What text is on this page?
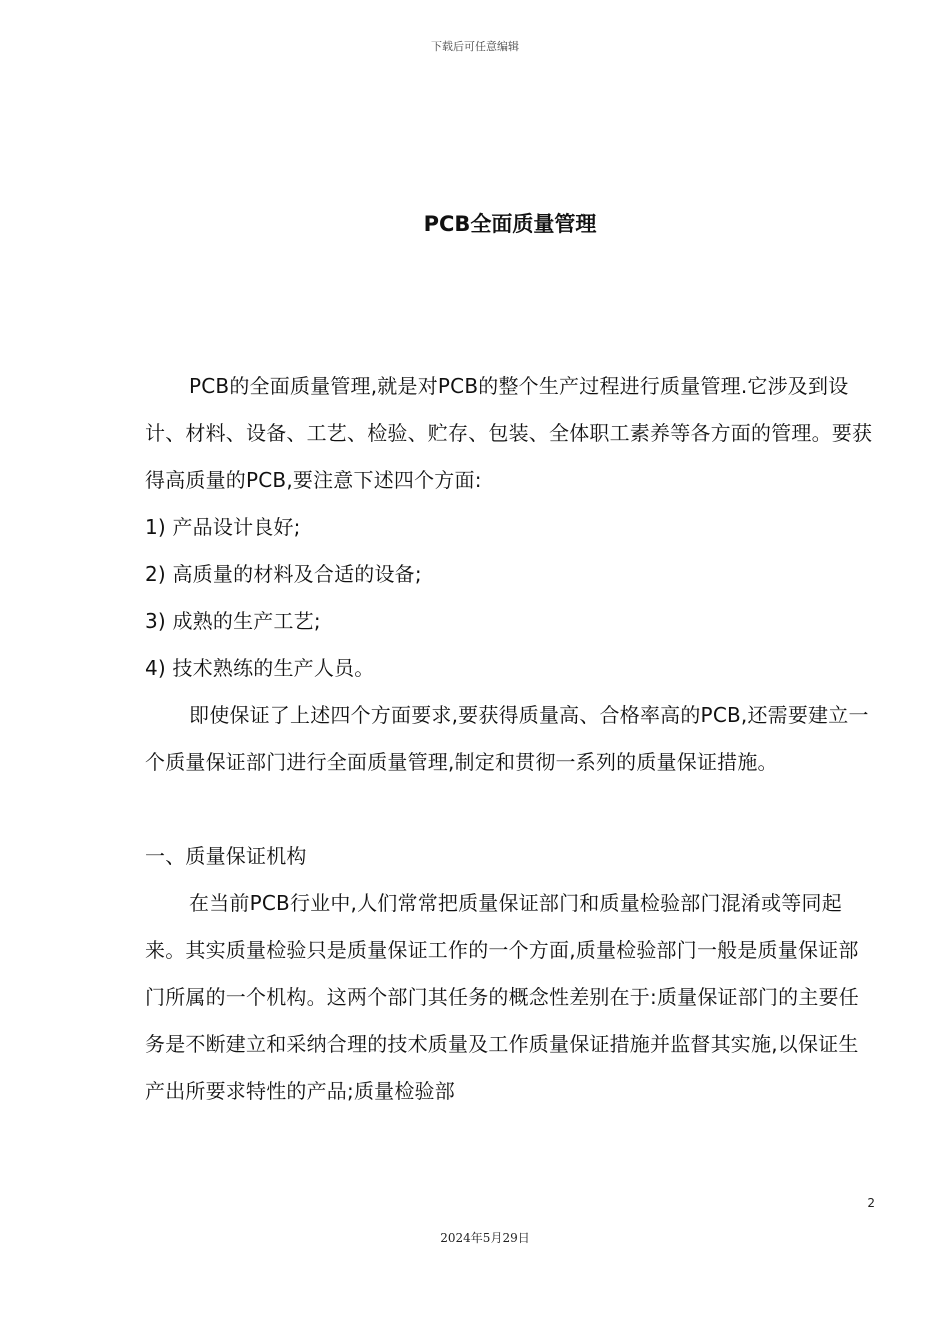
下载后可任意编辑
PCB全面质量管理

PCB的全面质量管理,就是对PCB的整个生产过程进行质量管理.它涉及到设计、材料、设备、工艺、检验、贮存、包装、全体职工素养等各方面的管理。要获得高质量的PCB,要注意下述四个方面:

1) 产品设计良好;

2) 高质量的材料及合适的设备;

3) 成熟的生产工艺;

4) 技术熟练的生产人员。

即使保证了上述四个方面要求,要获得质量高、合格率高的PCB,还需要建立一个质量保证部门进行全面质量管理,制定和贯彻一系列的质量保证措施。

一、质量保证机构

在当前PCB行业中,人们常常把质量保证部门和质量检验部门混淆或等同起来。其实质量检验只是质量保证工作的一个方面,质量检验部门一般是质量保证部门所属的一个机构。这两个部门其任务的概念性差别在于:质量保证部门的主要任务是不断建立和采纳合理的技术质量及工作质量保证措施并监督其实施,以保证生产出所要求特性的产品;质量检验部

2
2024年5月29日
